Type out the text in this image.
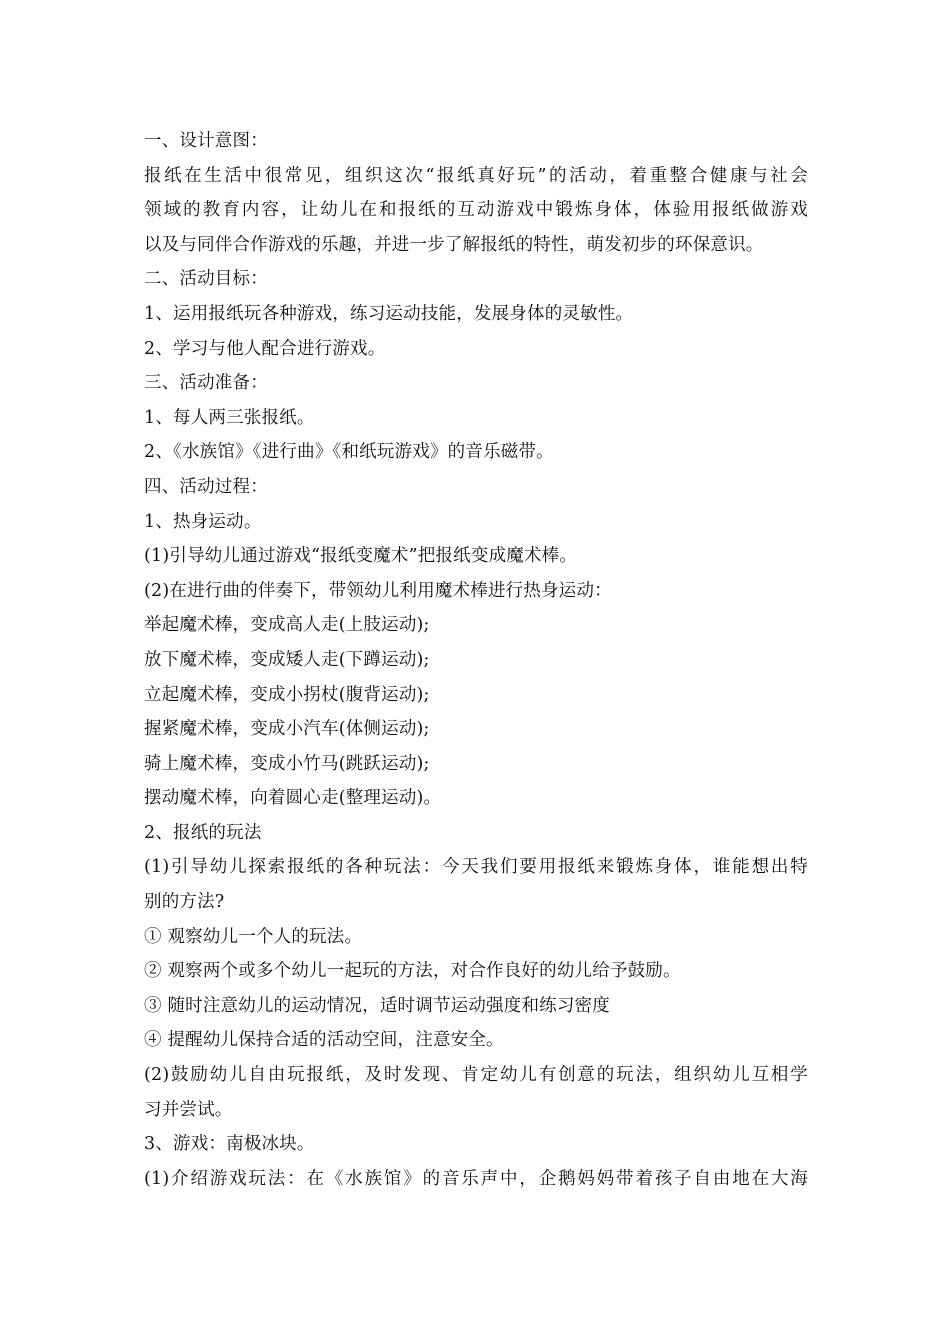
一、设计意图：
报纸在生活中很常见，组织这次“报纸真好玩”的活动，着重整合健康与社会
领域的教育内容，让幼儿在和报纸的互动游戏中锻炼身体，体验用报纸做游戏
以及与同伴合作游戏的乐趣，并进一步了解报纸的特性，萌发初步的环保意识。
二、活动目标：
1、运用报纸玩各种游戏，练习运动技能，发展身体的灵敏性。
2、学习与他人配合进行游戏。
三、活动准备：
1、每人两三张报纸。
2、《水族馆》《进行曲》《和纸玩游戏》的音乐磁带。
四、活动过程：
1、热身运动。
(1)引导幼儿通过游戏“报纸变魔术”把报纸变成魔术棒。
(2)在进行曲的伴奏下，带领幼儿利用魔术棒进行热身运动：
举起魔术棒，变成高人走(上肢运动);
放下魔术棒，变成矮人走(下蹲运动);
立起魔术棒，变成小拐杖(腹背运动);
握紧魔术棒，变成小汽车(体侧运动);
骑上魔术棒，变成小竹马(跳跃运动);
摆动魔术棒，向着圆心走(整理运动)。
2、报纸的玩法
(1)引导幼儿探索报纸的各种玩法：今天我们要用报纸来锻炼身体，谁能想出特
别的方法?
① 观察幼儿一个人的玩法。
② 观察两个或多个幼儿一起玩的方法，对合作良好的幼儿给予鼓励。
③ 随时注意幼儿的运动情况，适时调节运动强度和练习密度
④ 提醒幼儿保持合适的活动空间，注意安全。
(2)鼓励幼儿自由玩报纸，及时发现、肯定幼儿有创意的玩法，组织幼儿互相学
习并尝试。
3、游戏：南极冰块。
(1)介绍游戏玩法：在《水族馆》的音乐声中，企鹅妈妈带着孩子自由地在大海
